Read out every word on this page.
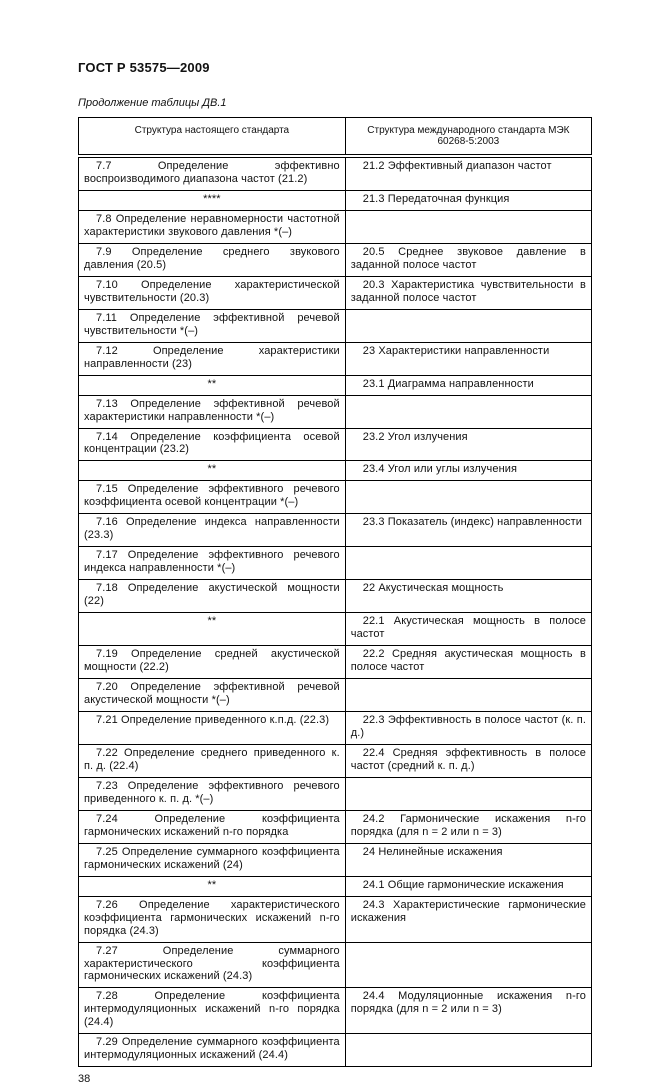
ГОСТ Р 53575—2009
Продолжение таблицы ДВ.1
Структура настоящего стандарта	Структура международного стандарта МЭК 60268-5:2003
7.7 Определение эффективно воспроизводимого диапазона частот (21.2)	21.2 Эффективный диапазон частот
****	21.3 Передаточная функция
7.8 Определение неравномерности частотной характеристики звукового давления *(–)	
7.9 Определение среднего звукового давления (20.5)	20.5 Среднее звуковое давление в заданной полосе частот
7.10 Определение характеристической чувствительности (20.3)	20.3 Характеристика чувствительности в заданной полосе частот
7.11 Определение эффективной речевой чувствительности *(–)	
7.12 Определение характеристики направленности (23)	23 Характеристики направленности
**	23.1 Диаграмма направленности
7.13 Определение эффективной речевой характеристики направленности *(–)	
7.14 Определение коэффициента осевой концентрации (23.2)	23.2 Угол излучения
**	23.4 Угол или углы излучения
7.15 Определение эффективного речевого коэффициента осевой концентрации *(–)	
7.16 Определение индекса направленности (23.3)	23.3 Показатель (индекс) направленности
7.17 Определение эффективного речевого индекса направленности *(–)	
7.18 Определение акустической мощности (22)	22 Акустическая мощность
**	22.1 Акустическая мощность в полосе частот
7.19 Определение средней акустической мощности (22.2)	22.2 Средняя акустическая мощность в полосе частот
7.20 Определение эффективной речевой акустической мощности *(–)	
7.21 Определение приведенного к.п.д. (22.3)	22.3 Эффективность в полосе частот (к. п. д.)
7.22 Определение среднего приведенного к. п. д. (22.4)	22.4 Средняя эффективность в полосе частот (средний к. п. д.)
7.23 Определение эффективного речевого приведенного к. п. д. *(–)	
7.24 Определение коэффициента гармонических искажений n-го порядка	24.2 Гармонические искажения n-го порядка (для n = 2 или n = 3)
7.25 Определение суммарного коэффициента гармонических искажений (24)	24 Нелинейные искажения
**	24.1 Общие гармонические искажения
7.26 Определение характеристического коэффициента гармонических искажений n-го порядка (24.3)	24.3 Характеристические гармонические искажения
7.27 Определение суммарного характеристического коэффициента гармонических искажений (24.3)	
7.28 Определение коэффициента интермодуляционных искажений n-го порядка (24.4)	24.4 Модуляционные искажения n-го порядка (для n = 2 или n = 3)
7.29 Определение суммарного коэффициента интермодуляционных искажений (24.4)	
38
